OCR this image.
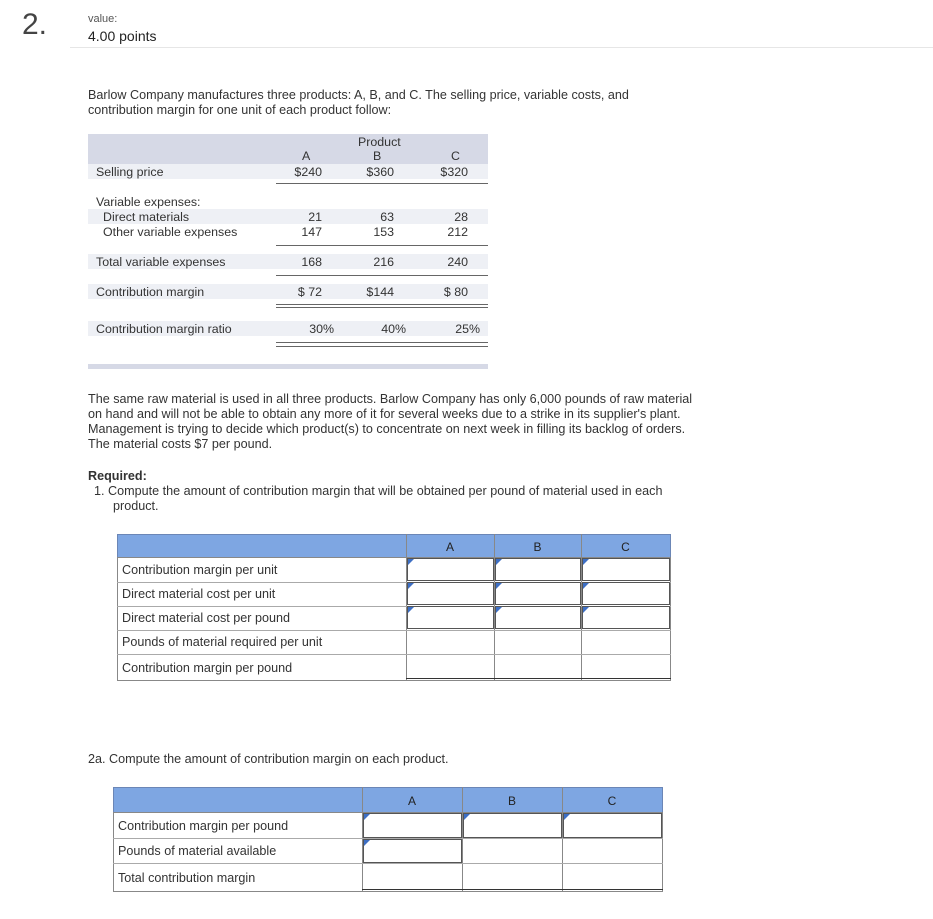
2.	value:
4.00 points
Barlow Company manufactures three products: A, B, and C. The selling price, variable costs, and contribution margin for one unit of each product follow:
Product
A	B	C
Selling price	$240	$360	$320
Variable expenses:
Direct materials	21	63	28
Other variable expenses	147	153	212
Total variable expenses	168	216	240
Contribution margin	$ 72	$144	$ 80
Contribution margin ratio	30%	40%	25%
The same raw material is used in all three products. Barlow Company has only 6,000 pounds of raw material on hand and will not be able to obtain any more of it for several weeks due to a strike in its supplier's plant. Management is trying to decide which product(s) to concentrate on next week in filling its backlog of orders. The material costs $7 per pound.
Required:
1. Compute the amount of contribution margin that will be obtained per pound of material used in each product.
A	B	C
Contribution margin per unit
Direct material cost per unit
Direct material cost per pound
Pounds of material required per unit
Contribution margin per pound
2a. Compute the amount of contribution margin on each product.
A	B	C
Contribution margin per pound
Pounds of material available
Total contribution margin
